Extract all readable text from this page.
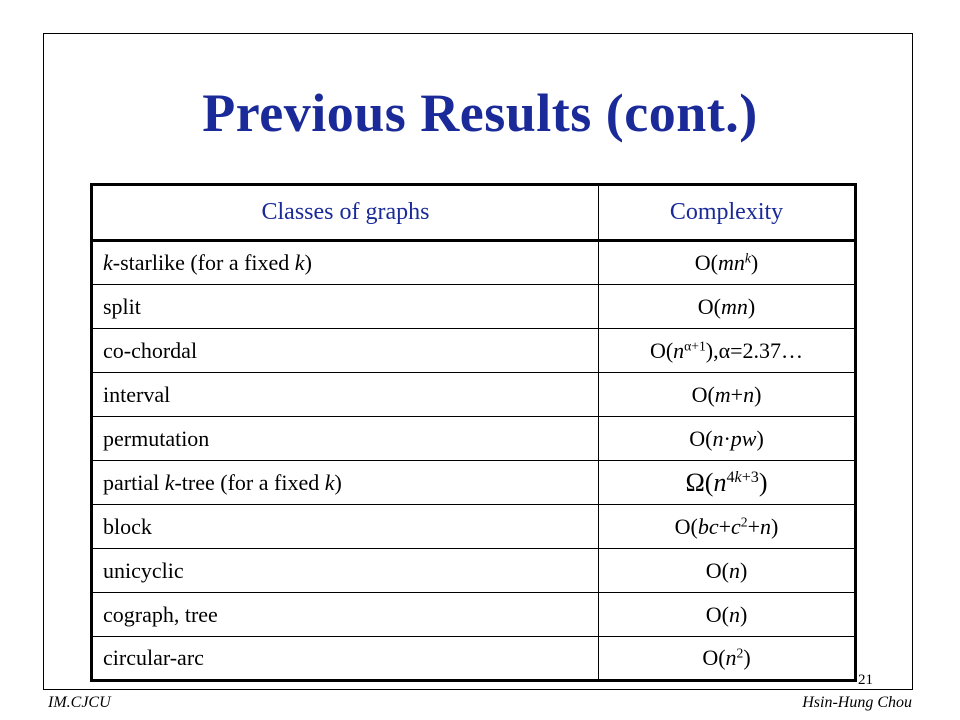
Previous Results (cont.)
Classes of graphs	Complexity
k-starlike (for a fixed k)	$O(mn^k)$
split	O(mn)
co-chordal	$O(n^{\alpha+1}),\alpha=2.37\dots$
interval	O(m+n)
permutation	O(n·pw)
partial k-tree (for a fixed k)	$\Omega(n^{4k+3})$
block	$O(bc+c^2+n)$
unicyclic	O(n)
cograph, tree	O(n)
circular-arc	$O(n^2)$
21
IM.CJCU	Hsin-Hung Chou
